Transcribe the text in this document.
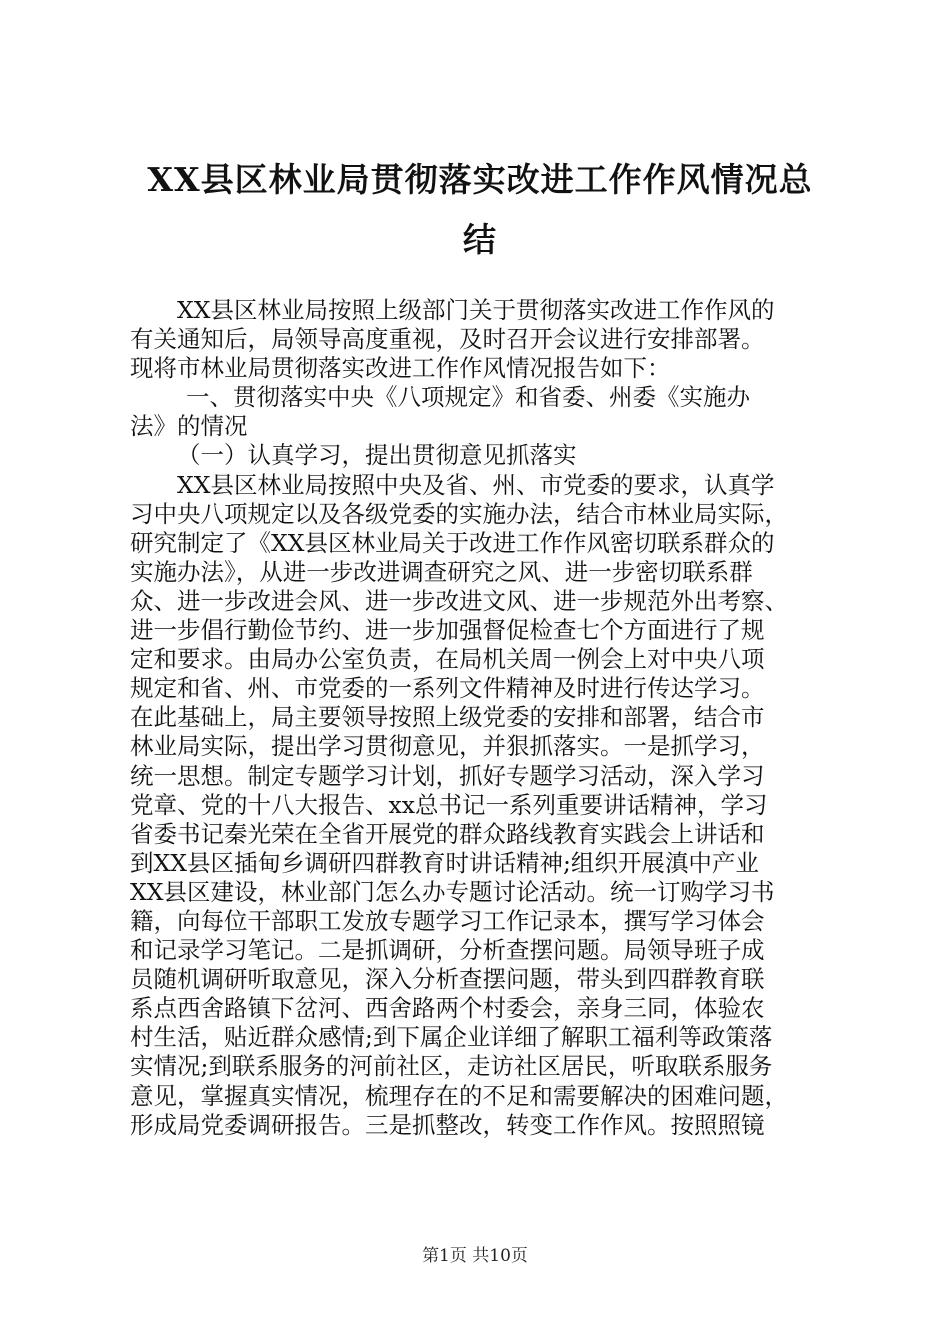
XX县区林业局贯彻落实改进工作作风情况总
结
XX县区林业局按照上级部门关于贯彻落实改进工作作风的
有关通知后，局领导高度重视，及时召开会议进行安排部署。
现将市林业局贯彻落实改进工作作风情况报告如下：
一、贯彻落实中央《八项规定》和省委、州委《实施办
法》的情况
（一）认真学习，提出贯彻意见抓落实
XX县区林业局按照中央及省、州、市党委的要求，认真学
习中央八项规定以及各级党委的实施办法，结合市林业局实际，
研究制定了《XX县区林业局关于改进工作作风密切联系群众的
实施办法》，从进一步改进调查研究之风、进一步密切联系群
众、进一步改进会风、进一步改进文风、进一步规范外出考察、
进一步倡行勤俭节约、进一步加强督促检查七个方面进行了规
定和要求。由局办公室负责，在局机关周一例会上对中央八项
规定和省、州、市党委的一系列文件精神及时进行传达学习。
在此基础上，局主要领导按照上级党委的安排和部署，结合市
林业局实际，提出学习贯彻意见，并狠抓落实。一是抓学习，
统一思想。制定专题学习计划，抓好专题学习活动，深入学习
党章、党的十八大报告、xx总书记一系列重要讲话精神，学习
省委书记秦光荣在全省开展党的群众路线教育实践会上讲话和
到XX县区插甸乡调研四群教育时讲话精神;组织开展滇中产业
XX县区建设，林业部门怎么办专题讨论活动。统一订购学习书
籍，向每位干部职工发放专题学习工作记录本，撰写学习体会
和记录学习笔记。二是抓调研，分析查摆问题。局领导班子成
员随机调研听取意见，深入分析查摆问题，带头到四群教育联
系点西舍路镇下岔河、西舍路两个村委会，亲身三同，体验农
村生活，贴近群众感情;到下属企业详细了解职工福利等政策落
实情况;到联系服务的河前社区，走访社区居民，听取联系服务
意见，掌握真实情况，梳理存在的不足和需要解决的困难问题，
形成局党委调研报告。三是抓整改，转变工作作风。按照照镜
第1页 共10页
